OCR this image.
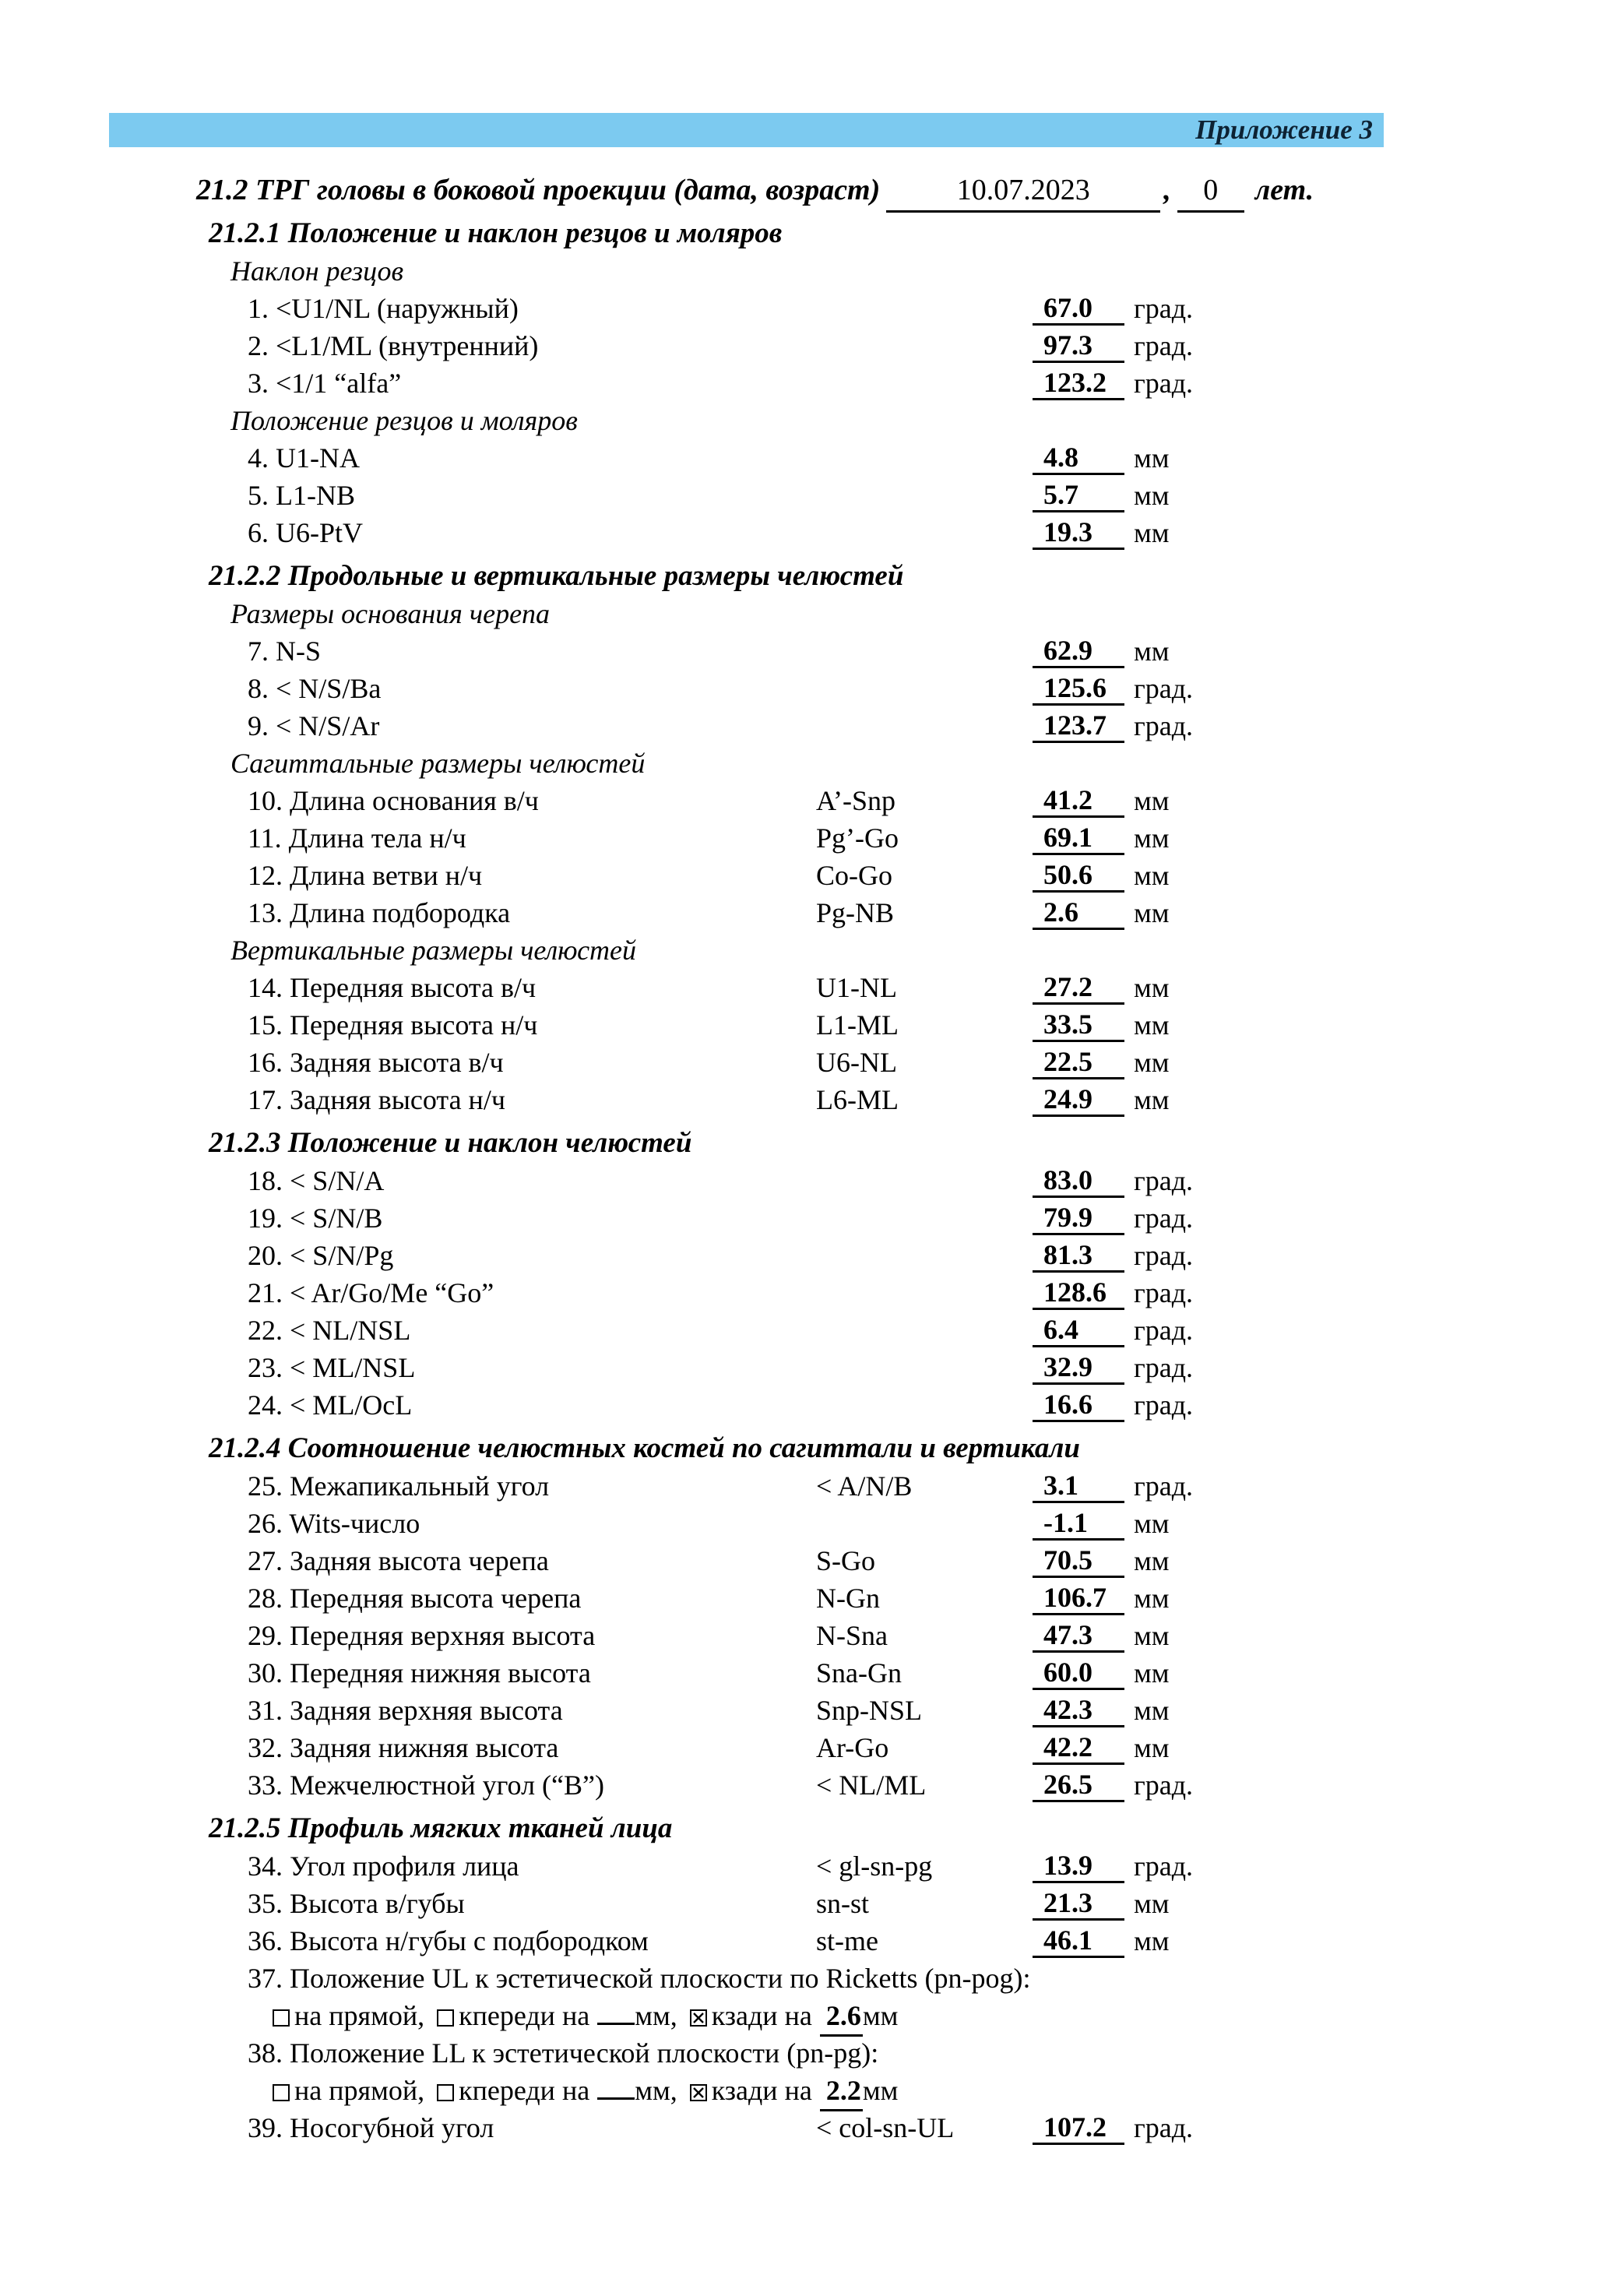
Приложение 3
21.2 ТРГ головы в боковой проекции (дата, возраст)	10.07.2023 , 0 лет.
21.2.1 Положение и наклон резцов и моляров
Наклон резцов
1. <U1/NL (наружный)	67.0	град.
2. <L1/ML (внутренний)	97.3	град.
3. <1/1 “alfa”	123.2 град.
Положение резцов и моляров
4. U1-NA	4.8	мм
5. L1-NB	5.7	мм
6. U6-PtV	19.3	мм
21.2.2 Продольные и вертикальные размеры челюстей
Размеры основания черепа
7. N-S	62.9	мм
8. < N/S/Ba	125.6 град.
9. < N/S/Ar	123.7 град.
Сагиттальные размеры челюстей
10. Длина основания в/ч	A’-Snp	41.2	мм
11. Длина тела н/ч	Pg’-Go	69.1	мм
12. Длина ветви н/ч	Co-Go	50.6	мм
13. Длина подбородка	Pg-NB	2.6	мм
Вертикальные размеры челюстей
14. Передняя высота в/ч	U1-NL	27.2	мм
15. Передняя высота н/ч	L1-ML	33.5	мм
16. Задняя высота в/ч	U6-NL	22.5	мм
17. Задняя высота н/ч	L6-ML	24.9	мм
21.2.3 Положение и наклон челюстей
18. < S/N/A	83.0	град.
19. < S/N/B	79.9	град.
20. < S/N/Pg	81.3	град.
21. < Ar/Go/Me “Go”	128.6 град.
22. < NL/NSL	6.4	град.
23. < ML/NSL	32.9	град.
24. < ML/OcL	16.6	град.
21.2.4 Соотношение челюстных костей по сагиттали и вертикали
25. Межапикальный угол	< A/N/B	3.1	град.
26. Wits-число	-1.1	мм
27. Задняя высота черепа	S-Go	70.5	мм
28. Передняя высота черепа	N-Gn	106.7 мм
29. Передняя верхняя высота	N-Sna	47.3	мм
30. Передняя нижняя высота	Sna-Gn	60.0	мм
31. Задняя верхняя высота	Snp-NSL	42.3	мм
32. Задняя нижняя высота	Ar-Go	42.2	мм
33. Межчелюстной угол (“B”)	< NL/ML	26.5	град.
21.2.5 Профиль мягких тканей лица
34. Угол профиля лица	< gl-sn-pg	13.9	град.
35. Высота в/губы	sn-st	21.3	мм
36. Высота н/губы с подбородком	st-me	46.1	мм
37. Положение UL к эстетической плоскости по Ricketts (pn-pog):
на прямой, кпереди на мм, кзади на 2.6мм
38. Положение LL к эстетической плоскости (pn-pg):
на прямой, кпереди на мм, кзади на 2.2мм
39. Носогубной угол	< col-sn-UL	107.2 град.
